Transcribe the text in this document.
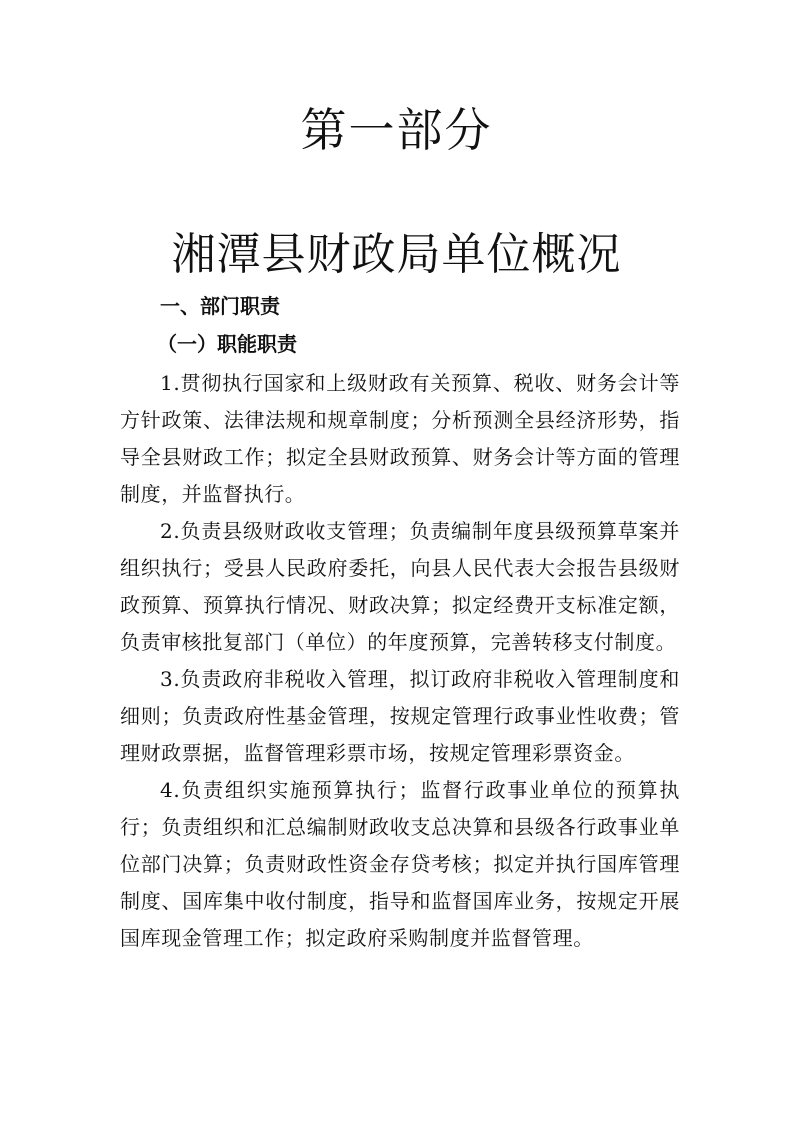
第一部分
湘潭县财政局单位概况
一、部门职责
（一）职能职责

1.贯彻执行国家和上级财政有关预算、税收、财务会计等方针政策、法律法规和规章制度；分析预测全县经济形势，指导全县财政工作；拟定全县财政预算、财务会计等方面的管理制度，并监督执行。

2.负责县级财政收支管理；负责编制年度县级预算草案并组织执行；受县人民政府委托，向县人民代表大会报告县级财政预算、预算执行情况、财政决算；拟定经费开支标准定额，负责审核批复部门（单位）的年度预算，完善转移支付制度。

3.负责政府非税收入管理，拟订政府非税收入管理制度和细则；负责政府性基金管理，按规定管理行政事业性收费；管理财政票据，监督管理彩票市场，按规定管理彩票资金。

4.负责组织实施预算执行；监督行政事业单位的预算执行；负责组织和汇总编制财政收支总决算和县级各行政事业单位部门决算；负责财政性资金存贷考核；拟定并执行国库管理制度、国库集中收付制度，指导和监督国库业务，按规定开展国库现金管理工作；拟定政府采购制度并监督管理。
